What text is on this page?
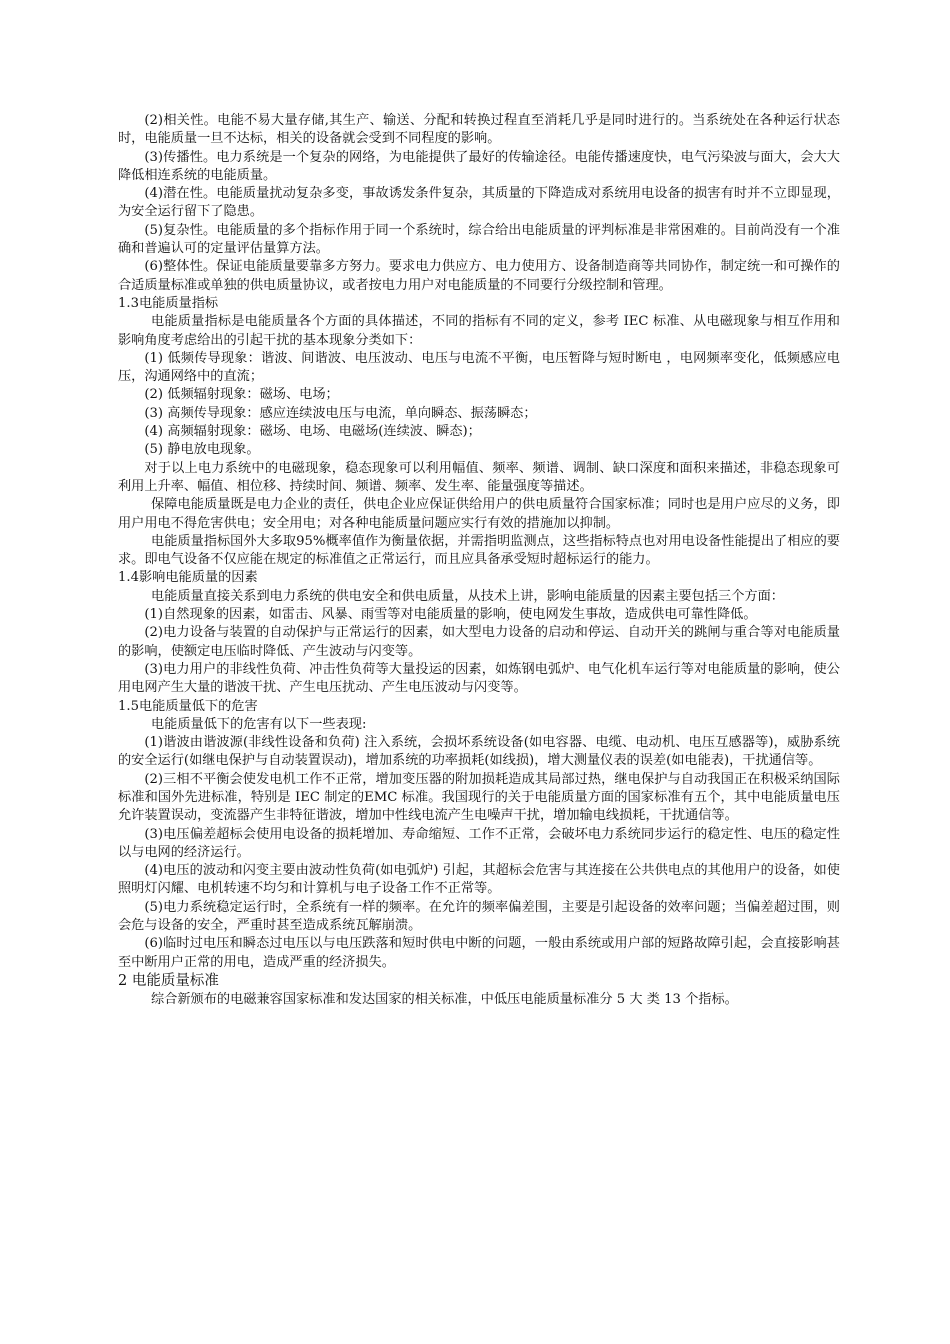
(2)相关性。电能不易大量存储,其生产、输送、分配和转换过程直至消耗几乎是同时进行的。当系统处在各种运行状态时，电能质量一旦不达标，相关的设备就会受到不同程度的影响。

(3)传播性。电力系统是一个复杂的网络，为电能提供了最好的传输途径。电能传播速度快，电气污染波与面大，会大大降低相连系统的电能质量。

(4)潜在性。电能质量扰动复杂多变，事故诱发条件复杂，其质量的下降造成对系统用电设备的损害有时并不立即显现，为安全运行留下了隐患。

(5)复杂性。电能质量的多个指标作用于同一个系统时，综合给出电能质量的评判标准是非常困难的。目前尚没有一个准确和普遍认可的定量评估量算方法。

(6)整体性。保证电能质量要靠多方努力。要求电力供应方、电力使用方、设备制造商等共同协作，制定统一和可操作的合适质量标准或单独的供电质量协议，或者按电力用户对电能质量的不同要行分级控制和管理。

1.3电能质量指标

电能质量指标是电能质量各个方面的具体描述，不同的指标有不同的定义，参考 IEC 标准、从电磁现象与相互作用和影响角度考虑给出的引起干扰的基本现象分类如下：

(1) 低频传导现象：谐波、间谐波、电压波动、电压与电流不平衡，电压暂降与短时断电 ，电网频率变化，低频感应电压，沟通网络中的直流；

(2) 低频辐射现象：磁场、电场；

(3) 高频传导现象：感应连续波电压与电流，单向瞬态、振荡瞬态；

(4) 高频辐射现象：磁场、电场、电磁场(连续波、瞬态)；

(5) 静电放电现象。

对于以上电力系统中的电磁现象，稳态现象可以利用幅值、频率、频谱、调制、缺口深度和面积来描述，非稳态现象可利用上升率、幅值、相位移、持续时间、频谱、频率、发生率、能量强度等描述。

保障电能质量既是电力企业的责任，供电企业应保证供给用户的供电质量符合国家标准；同时也是用户应尽的义务，即用户用电不得危害供电；安全用电；对各种电能质量问题应实行有效的措施加以抑制。

电能质量指标国外大多取95%概率值作为衡量依据，并需指明监测点，这些指标特点也对用电设备性能提出了相应的要求。即电气设备不仅应能在规定的标准值之正常运行，而且应具备承受短时超标运行的能力。

1.4影响电能质量的因素

电能质量直接关系到电力系统的供电安全和供电质量，从技术上讲，影响电能质量的因素主要包括三个方面：

(1)自然现象的因素，如雷击、风暴、雨雪等对电能质量的影响，使电网发生事故，造成供电可靠性降低。

(2)电力设备与装置的自动保护与正常运行的因素，如大型电力设备的启动和停运、自动开关的跳闸与重合等对电能质量的影响，使额定电压临时降低、产生波动与闪变等。

(3)电力用户的非线性负荷、冲击性负荷等大量投运的因素，如炼钢电弧炉、电气化机车运行等对电能质量的影响，使公用电网产生大量的谐波干扰、产生电压扰动、产生电压波动与闪变等。

1.5电能质量低下的危害

电能质量低下的危害有以下一些表现:

(1)谐波由谐波源(非线性设备和负荷) 注入系统，会损坏系统设备(如电容器、电缆、电动机、电压互感器等)，威胁系统的安全运行(如继电保护与自动装置误动)，增加系统的功率损耗(如线损)，增大测量仪表的误差(如电能表)，干扰通信等。

(2)三相不平衡会使发电机工作不正常，增加变压器的附加损耗造成其局部过热，继电保护与自动我国正在积极采纳国际标准和国外先进标准，特别是 IEC 制定的EMC 标准。我国现行的关于电能质量方面的国家标准有五个，其中电能质量电压允许装置误动，变流器产生非特征谐波，增加中性线电流产生电噪声干扰，增加输电线损耗，干扰通信等。

(3)电压偏差超标会使用电设备的损耗增加、寿命缩短、工作不正常，会破坏电力系统同步运行的稳定性、电压的稳定性以与电网的经济运行。

(4)电压的波动和闪变主要由波动性负荷(如电弧炉) 引起，其超标会危害与其连接在公共供电点的其他用户的设备，如使照明灯闪耀、电机转速不均匀和计算机与电子设备工作不正常等。

(5)电力系统稳定运行时，全系统有一样的频率。在允许的频率偏差围，主要是引起设备的效率问题；当偏差超过围，则会危与设备的安全，严重时甚至造成系统瓦解崩溃。

(6)临时过电压和瞬态过电压以与电压跌落和短时供电中断的问题，一般由系统或用户部的短路故障引起，会直接影响甚至中断用户正常的用电，造成严重的经济损失。

2 电能质量标准

综合新颁布的电磁兼容国家标准和发达国家的相关标准，中低压电能质量标准分 5 大 类 13 个指标。
